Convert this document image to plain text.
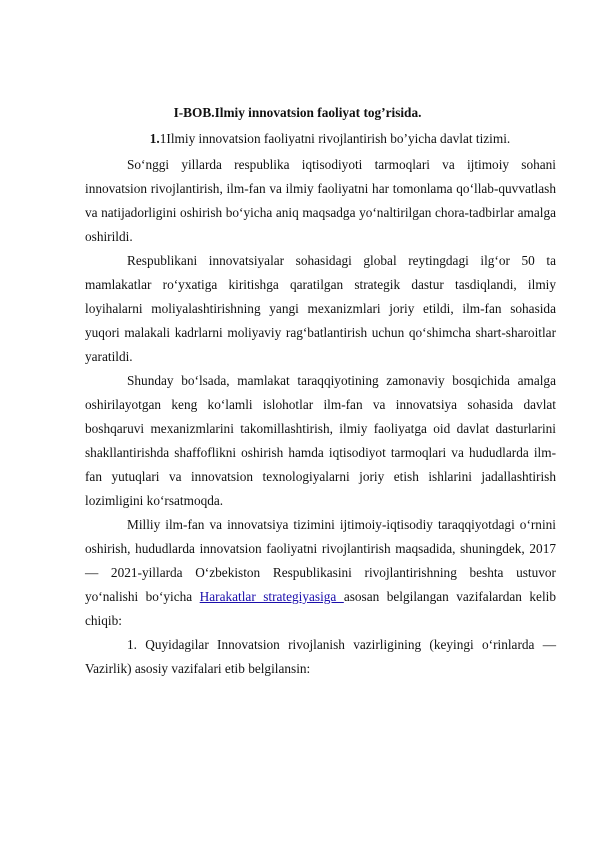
I-BOB.Ilmiy innovatsion faoliyat tog’risida.
1.1Ilmiy innovatsion faoliyatni rivojlantirish bo’yicha davlat tizimi.

So‘nggi yillarda respublika iqtisodiyoti tarmoqlari va ijtimoiy sohani innovatsion rivojlantirish, ilm-fan va ilmiy faoliyatni har tomonlama qo‘llab-quvvatlash va natijadorligini oshirish bo‘yicha aniq maqsadga yo‘naltirilgan chora-tadbirlar amalga oshirildi.

Respublikani innovatsiyalar sohasidagi global reytingdagi ilg‘or 50 ta mamlakatlar ro‘yxatiga kiritishga qaratilgan strategik dastur tasdiqlandi, ilmiy loyihalarni moliyalashtirishning yangi mexanizmlari joriy etildi, ilm-fan sohasida yuqori malakali kadrlarni moliyaviy rag‘batlantirish uchun qo‘shimcha shart-sharoitlar yaratildi.

Shunday bo‘lsada, mamlakat taraqqiyotining zamonaviy bosqichida amalga oshirilayotgan keng ko‘lamli islohotlar ilm-fan va innovatsiya sohasida davlat boshqaruvi mexanizmlarini takomillashtirish, ilmiy faoliyatga oid davlat dasturlarini shakllantirishda shaffoflikni oshirish hamda iqtisodiyot tarmoqlari va hududlarda ilm-fan yutuqlari va innovatsion texnologiyalarni joriy etish ishlarini jadallashtirish lozimligini ko‘rsatmoqda.

Milliy ilm-fan va innovatsiya tizimini ijtimoiy-iqtisodiy taraqqiyotdagi o‘rnini oshirish, hududlarda innovatsion faoliyatni rivojlantirish maqsadida, shuningdek, 2017 — 2021-yillarda O‘zbekiston Respublikasini rivojlantirishning beshta ustuvor yo‘nalishi bo‘yicha Harakatlar strategiyasiga asosan belgilangan vazifalardan kelib chiqib:

1. Quyidagilar Innovatsion rivojlanish vazirligining (keyingi o‘rinlarda — Vazirlik) asosiy vazifalari etib belgilansin:
